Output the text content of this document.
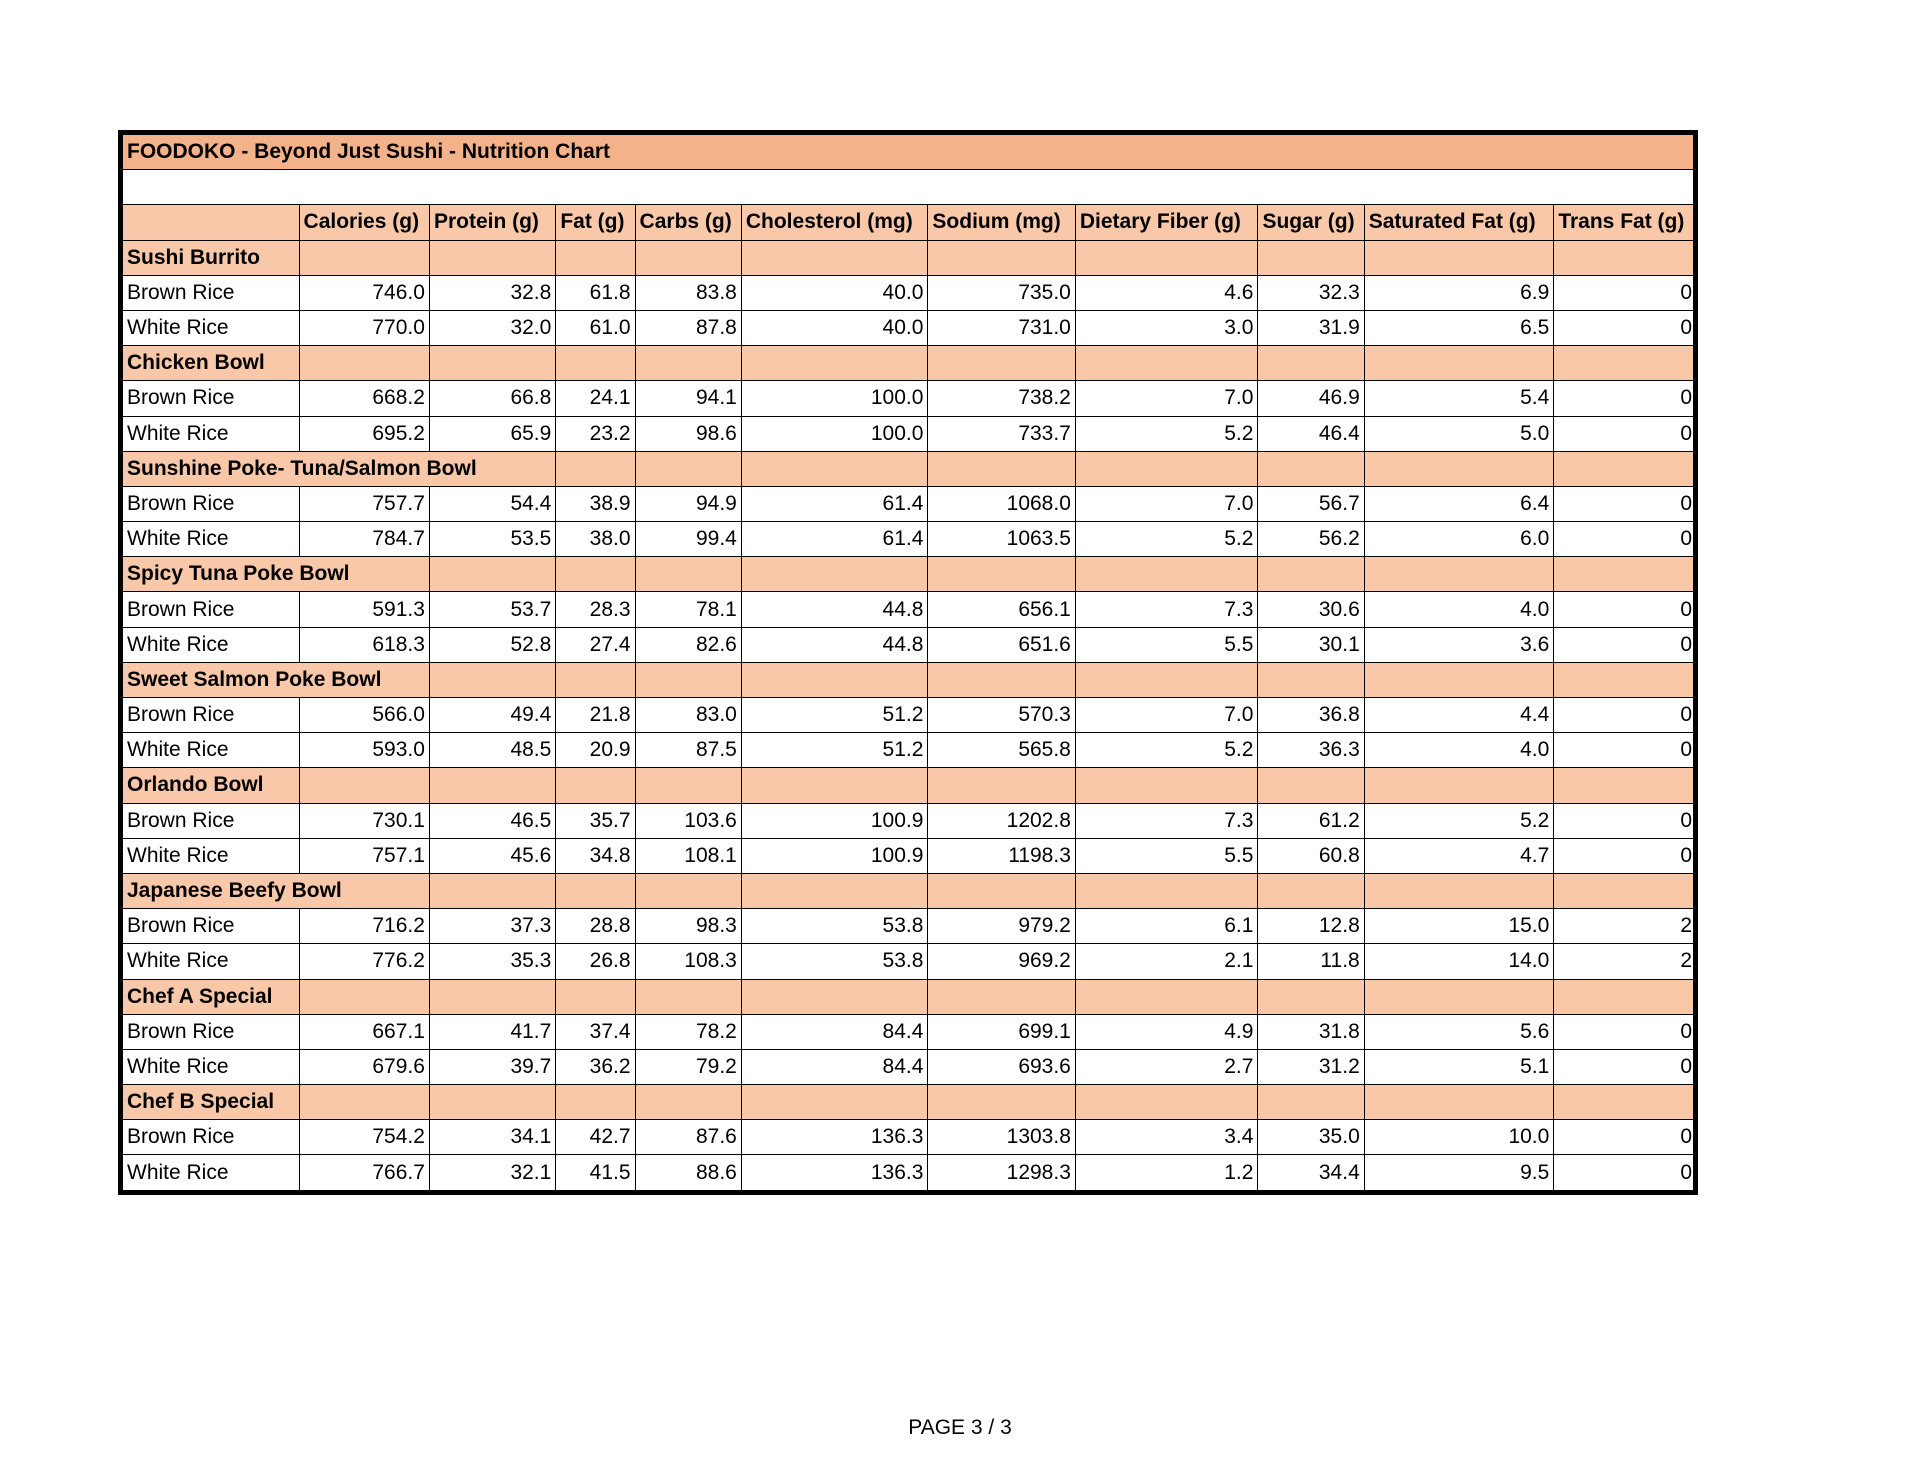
FOODOKO - Beyond Just Sushi - Nutrition Chart										

	Calories (g)	Protein (g)	Fat (g)	Carbs (g)	Cholesterol (mg)	Sodium (mg)	Dietary Fiber (g)	Sugar (g)	Saturated Fat (g)	Trans Fat (g)
Sushi Burrito										
Brown Rice	746.0	32.8	61.8	83.8	40.0	735.0	4.6	32.3	6.9	0
White Rice	770.0	32.0	61.0	87.8	40.0	731.0	3.0	31.9	6.5	0
Chicken Bowl										
Brown Rice	668.2	66.8	24.1	94.1	100.0	738.2	7.0	46.9	5.4	0
White Rice	695.2	65.9	23.2	98.6	100.0	733.7	5.2	46.4	5.0	0
Sunshine Poke- Tuna/Salmon Bowl										
Brown Rice	757.7	54.4	38.9	94.9	61.4	1068.0	7.0	56.7	6.4	0
White Rice	784.7	53.5	38.0	99.4	61.4	1063.5	5.2	56.2	6.0	0
Spicy Tuna Poke Bowl										
Brown Rice	591.3	53.7	28.3	78.1	44.8	656.1	7.3	30.6	4.0	0
White Rice	618.3	52.8	27.4	82.6	44.8	651.6	5.5	30.1	3.6	0
Sweet Salmon Poke Bowl										
Brown Rice	566.0	49.4	21.8	83.0	51.2	570.3	7.0	36.8	4.4	0
White Rice	593.0	48.5	20.9	87.5	51.2	565.8	5.2	36.3	4.0	0
Orlando Bowl										
Brown Rice	730.1	46.5	35.7	103.6	100.9	1202.8	7.3	61.2	5.2	0
White Rice	757.1	45.6	34.8	108.1	100.9	1198.3	5.5	60.8	4.7	0
Japanese Beefy Bowl										
Brown Rice	716.2	37.3	28.8	98.3	53.8	979.2	6.1	12.8	15.0	2
White Rice	776.2	35.3	26.8	108.3	53.8	969.2	2.1	11.8	14.0	2
Chef A Special										
Brown Rice	667.1	41.7	37.4	78.2	84.4	699.1	4.9	31.8	5.6	0
White Rice	679.6	39.7	36.2	79.2	84.4	693.6	2.7	31.2	5.1	0
Chef B Special										
Brown Rice	754.2	34.1	42.7	87.6	136.3	1303.8	3.4	35.0	10.0	0
White Rice	766.7	32.1	41.5	88.6	136.3	1298.3	1.2	34.4	9.5	0
PAGE 3 / 3
